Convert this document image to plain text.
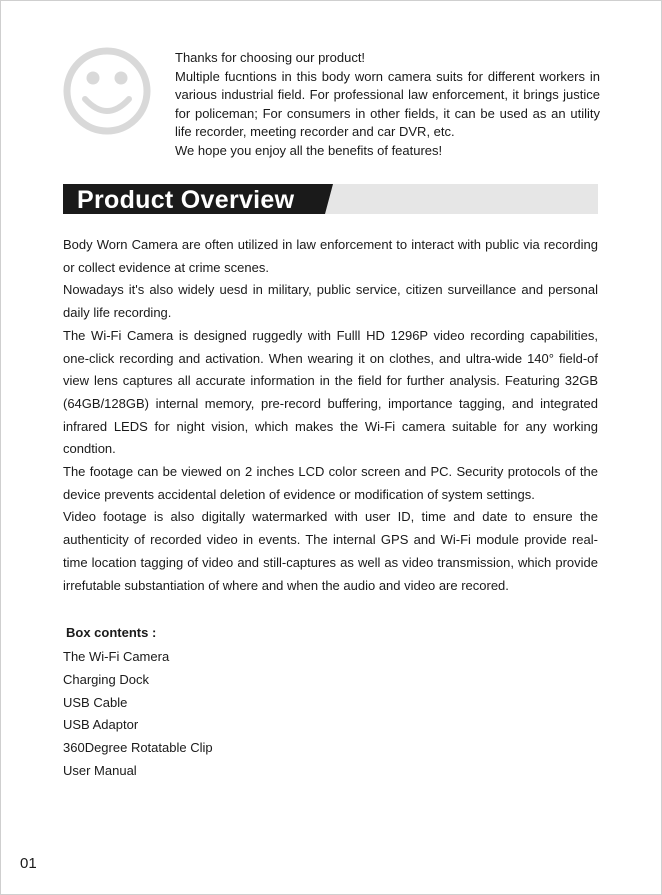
Thanks for choosing our product!

Multiple fucntions in this body worn camera suits for different workers in various industrial field. For professional law enforcement, it brings justice for policeman; For consumers in other fields, it can be used as an utility life recorder, meeting recorder and car DVR, etc.

We hope you enjoy all the benefits of features!

Product Overview

Body Worn Camera are often utilized in law enforcement to interact with public via recording or collect evidence at crime scenes.

Nowadays it's also widely uesd in military, public service, citizen surveillance and personal daily life recording.

The Wi-Fi Camera is designed ruggedly with Fulll HD 1296P video recording capabilities, one-click recording and activation. When wearing it on clothes, and ultra-wide 140° field-of view lens captures all accurate information in the field for further analysis. Featuring 32GB (64GB/128GB) internal memory, pre-record buffering, importance tagging, and integrated infrared LEDS for night vision, which makes the Wi-Fi camera suitable for any working condtion.

The footage can be viewed on 2 inches LCD color screen and PC. Security protocols of the device prevents accidental deletion of evidence or modification of system settings.

Video footage is also digitally watermarked with user ID, time and date to ensure the authenticity of recorded video in events. The internal GPS and Wi-Fi module provide real-time location tagging of video and still-captures as well as video transmission, which provide irrefutable substantiation of where and when the audio and video are recored.

Box contents :
The Wi-Fi Camera
Charging Dock
USB Cable
USB Adaptor
360Degree Rotatable Clip
User Manual
01
